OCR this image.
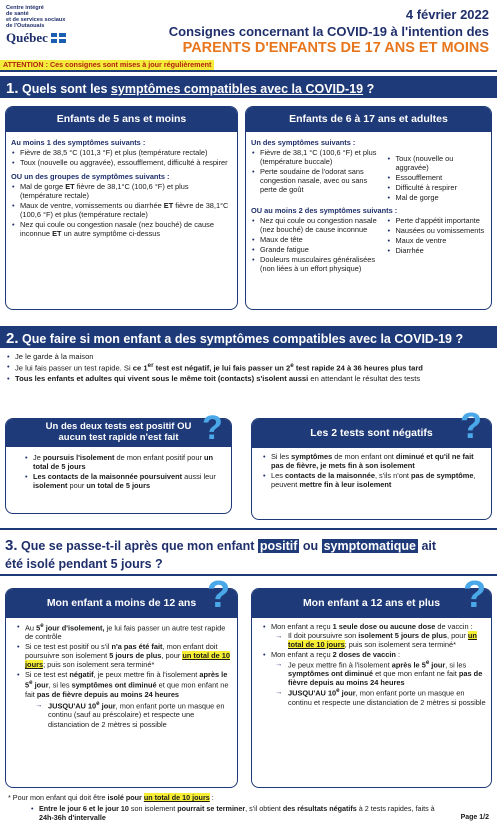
Centre intégré
de santé
et de services sociaux
de l'Outaouais
Québec
4 février 2022
Consignes concernant la COVID-19 à l'intention des
PARENTS D'ENFANTS DE 17 ANS ET MOINS
ATTENTION : Ces consignes sont mises à jour régulièrement
1. Quels sont les symptômes compatibles avec la COVID-19 ?
Enfants de 5 ans et moins
Au moins 1 des symptômes suivants :
• Fièvre de 38,5 °C (101,3 °F) et plus (température rectale)
• Toux (nouvelle ou aggravée), essoufflement, difficulté à respirer
OU un des groupes de symptômes suivants :
• Mal de gorge ET fièvre de 38,1°C (100,6 °F) et plus (température rectale)
• Maux de ventre, vomissements ou diarrhée ET fièvre de 38,1°C (100,6 °F) et plus (température rectale)
• Nez qui coule ou congestion nasale (nez bouché) de cause inconnue ET un autre symptôme ci-dessus
Enfants de 6 à 17 ans et adultes
Un des symptômes suivants :
• Fièvre de 38,1 °C (100,6 °F) et plus (température buccale)
• Perte soudaine de l'odorat sans congestion nasale, avec ou sans perte de goût
• Toux (nouvelle ou aggravée)
• Essoufflement
• Difficulté à respirer
• Mal de gorge
OU au moins 2 des symptômes suivants :
• Nez qui coule ou congestion nasale (nez bouché) de cause inconnue
• Maux de tête
• Grande fatigue
• Douleurs musculaires généralisées (non liées à un effort physique)
• Perte d'appétit importante
• Nausées ou vomissements
• Maux de ventre
• Diarrhée
2. Que faire si mon enfant a des symptômes compatibles avec la COVID-19 ?
• Je le garde à la maison
• Je lui fais passer un test rapide. Si ce 1er test est négatif, je lui fais passer un 2e test rapide 24 à 36 heures plus tard
• Tous les enfants et adultes qui vivent sous le même toit (contacts) s'isolent aussi en attendant le résultat des tests
Un des deux tests est positif OU
aucun test rapide n'est fait
• Je poursuis l'isolement de mon enfant positif pour un total de 5 jours
• Les contacts de la maisonnée poursuivent aussi leur isolement pour un total de 5 jours
?	Les 2 tests sont négatifs
• Si les symptômes de mon enfant ont diminué et qu'il ne fait pas de fièvre, je mets fin à son isolement
• Les contacts de la maisonnée, s'ils n'ont pas de symptôme, peuvent mettre fin à leur isolement
?
3. Que se passe-t-il après que mon enfant positif ou symptomatique ait
été isolé pendant 5 jours ?
Mon enfant a moins de 12 ans
• Au 5e jour d'isolement, je lui fais passer un autre test rapide de contrôle
• Si ce test est positif ou s'il n'a pas été fait, mon enfant doit poursuivre son isolement 5 jours de plus, pour un total de 10 jours; puis son isolement sera terminé*
• Si ce test est négatif, je peux mettre fin à l'isolement après le 5e jour, si les symptômes ont diminué et que mon enfant ne fait pas de fièvre depuis au moins 24 heures
→ JUSQU'AU 10e jour, mon enfant porte un masque en continu (sauf au préscolaire) et respecte une distanciation de 2 mètres si possible
?	Mon enfant a 12 ans et plus
• Mon enfant a reçu 1 seule dose ou aucune dose de vaccin :
→ Il doit poursuivre son isolement 5 jours de plus, pour un total de 10 jours; puis son isolement sera terminé*
• Mon enfant a reçu 2 doses de vaccin :
→ Je peux mettre fin à l'isolement après le 5e jour, si les symptômes ont diminué et que mon enfant ne fait pas de fièvre depuis au moins 24 heures
→ JUSQU'AU 10e jour, mon enfant porte un masque en continu et respecte une distanciation de 2 mètres si possible
?
* Pour mon enfant qui doit être isolé pour un total de 10 jours :
• Entre le jour 6 et le jour 10 son isolement pourrait se terminer, s'il obtient des résultats négatifs à 2 tests rapides, faits à 24h-36h d'intervalle	Page 1/2
